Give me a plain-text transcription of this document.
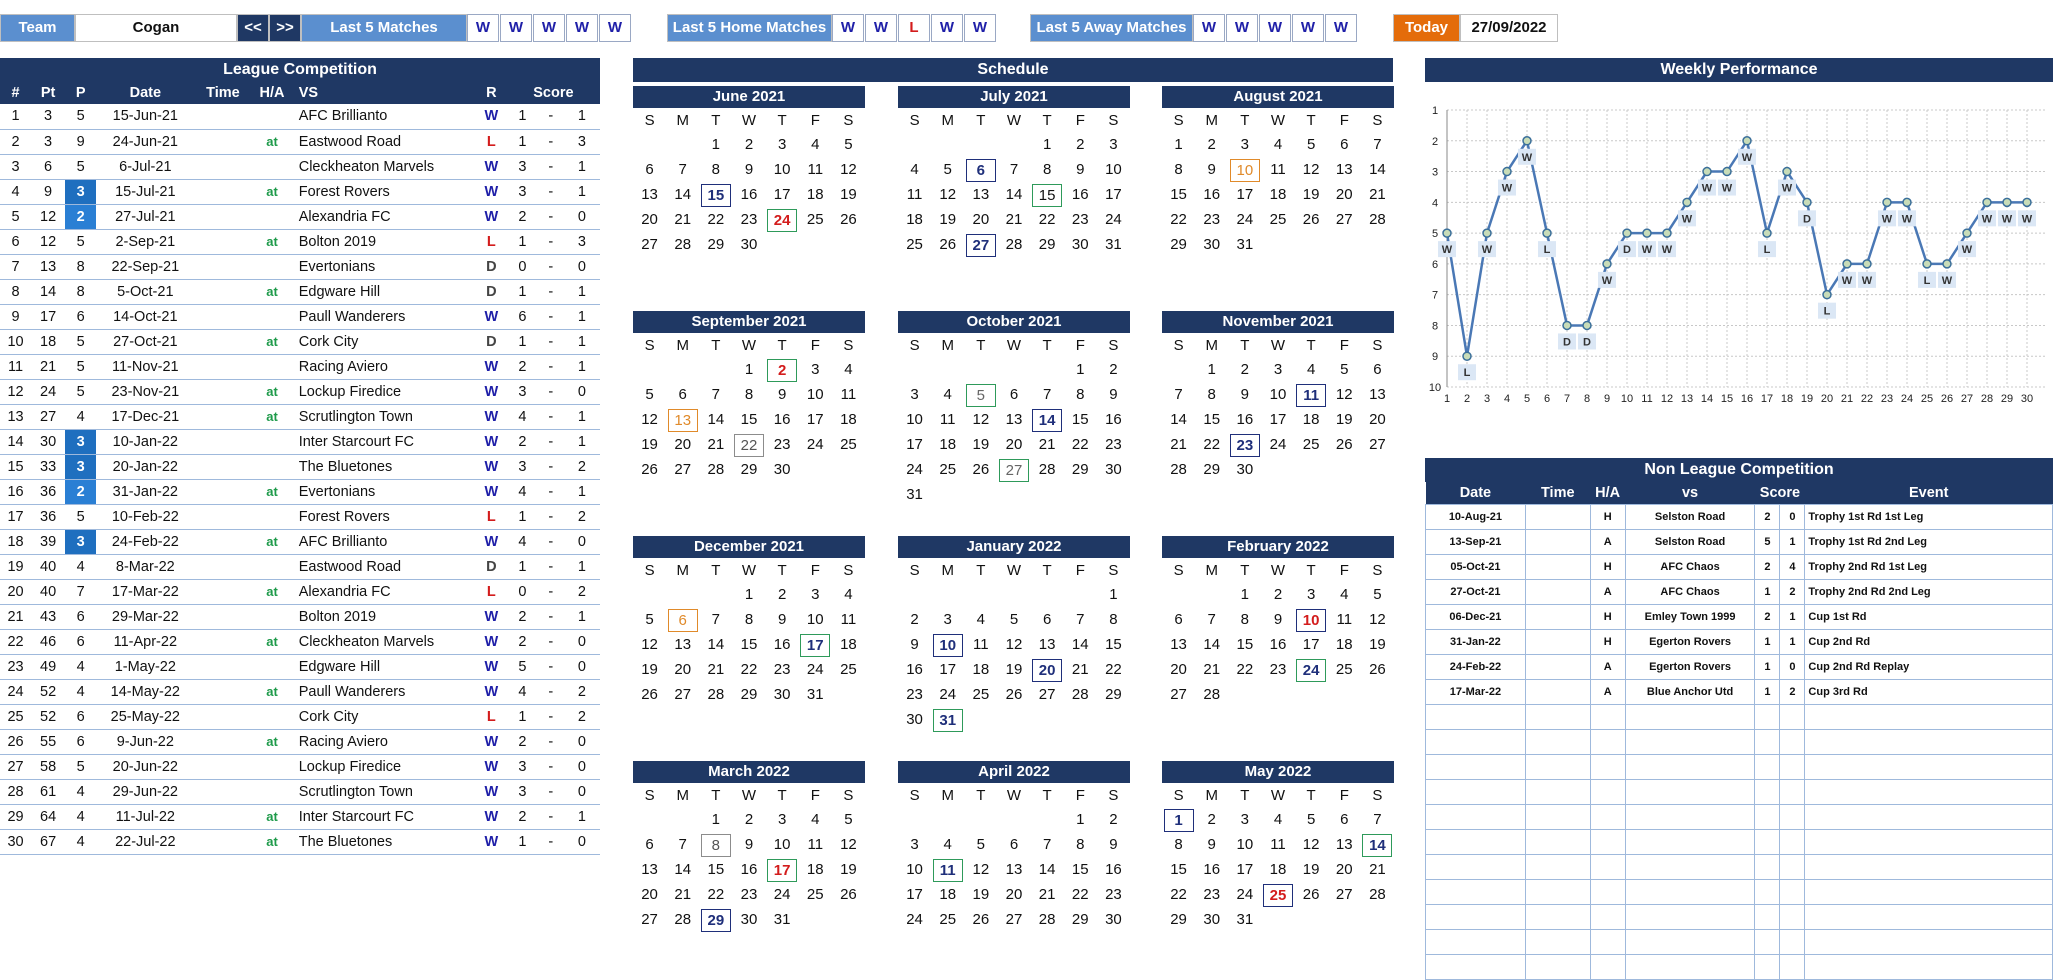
Team	Cogan	<< >>	Last 5 Matches	W	W	W	W	W	Last 5 Home Matches W	W	L	W	W	Last 5 Away Matches	W	W	W	W	W	Today	27/09/2022
League Competition
#	Pt	P	Date	Time	H/A	VS	R	Score		
1	3	5	15-Jun-21			AFC Brilliantо	W	1	-	1
2	3	9	24-Jun-21		at	Eastwood Road	L	1	-	3
3	6	5	6-Jul-21			Cleckheaton Marvels	W	3	-	1
4	9	3	15-Jul-21		at	Forest Rovers	W	3	-	1
5	12	2	27-Jul-21			Alexandria FC	W	2	-	0
6	12	5	2-Sep-21		at	Bolton 2019	L	1	-	3
7	13	8	22-Sep-21			Evertonians	D	0	-	0
8	14	8	5-Oct-21		at	Edgware Hill	D	1	-	1
9	17	6	14-Oct-21			Paull Wanderers	W	6	-	1
10	18	5	27-Oct-21		at	Cork City	D	1	-	1
11	21	5	11-Nov-21			Racing Aviero	W	2	-	1
12	24	5	23-Nov-21		at	Lockup Firedice	W	3	-	0
13	27	4	17-Dec-21		at	Scrutlington Town	W	4	-	1
14	30	3	10-Jan-22			Inter Starcourt FC	W	2	-	1
15	33	3	20-Jan-22			The Bluetones	W	3	-	2
16	36	2	31-Jan-22		at	Evertonians	W	4	-	1
17	36	5	10-Feb-22			Forest Rovers	L	1	-	2
18	39	3	24-Feb-22		at	AFC Brilliantо	W	4	-	0
19	40	4	8-Mar-22			Eastwood Road	D	1	-	1
20	40	7	17-Mar-22		at	Alexandria FC	L	0	-	2
21	43	6	29-Mar-22			Bolton 2019	W	2	-	1
22	46	6	11-Apr-22		at	Cleckheaton Marvels	W	2	-	0
23	49	4	1-May-22			Edgware Hill	W	5	-	0
24	52	4	14-May-22		at	Paull Wanderers	W	4	-	2
25	52	6	25-May-22			Cork City	L	1	-	2
26	55	6	9-Jun-22		at	Racing Aviero	W	2	-	0
27	58	5	20-Jun-22			Lockup Firedice	W	3	-	0
28	61	4	29-Jun-22			Scrutlington Town	W	3	-	0
29	64	4	11-Jul-22		at	Inter Starcourt FC	W	2	-	1
30	67	4	22-Jul-22		at	The Bluetones	W	1	-	0
Schedule
June 2021
S	M	T	W	T	F	S
		1	2	3	4	5
6	7	8	9	10	11	12
13	14	15	16	17	18	19
20	21	22	23	24	25	26
27	28	29	30			
July 2021
S	M	T	W	T	F	S
				1	2	3
4	5	6	7	8	9	10
11	12	13	14	15	16	17
18	19	20	21	22	23	24
25	26	27	28	29	30	31
August 2021
S	M	T	W	T	F	S
1	2	3	4	5	6	7
8	9	10	11	12	13	14
15	16	17	18	19	20	21
22	23	24	25	26	27	28
29	30	31				
September 2021
S	M	T	W	T	F	S
			1	2	3	4
5	6	7	8	9	10	11
12	13	14	15	16	17	18
19	20	21	22	23	24	25
26	27	28	29	30		
October 2021
S	M	T	W	T	F	S
					1	2
3	4	5	6	7	8	9
10	11	12	13	14	15	16
17	18	19	20	21	22	23
24	25	26	27	28	29	30
31						
November 2021
S	M	T	W	T	F	S
	1	2	3	4	5	6
7	8	9	10	11	12	13
14	15	16	17	18	19	20
21	22	23	24	25	26	27
28	29	30				
December 2021
S	M	T	W	T	F	S
			1	2	3	4
5	6	7	8	9	10	11
12	13	14	15	16	17	18
19	20	21	22	23	24	25
26	27	28	29	30	31	
January 2022
S	M	T	W	T	F	S
						1
2	3	4	5	6	7	8
9	10	11	12	13	14	15
16	17	18	19	20	21	22
23	24	25	26	27	28	29
30	31					
February 2022
S	M	T	W	T	F	S
		1	2	3	4	5
6	7	8	9	10	11	12
13	14	15	16	17	18	19
20	21	22	23	24	25	26
27	28					
March 2022
S	M	T	W	T	F	S
		1	2	3	4	5
6	7	8	9	10	11	12
13	14	15	16	17	18	19
20	21	22	23	24	25	26
27	28	29	30	31		
April 2022
S	M	T	W	T	F	S
					1	2
3	4	5	6	7	8	9
10	11	12	13	14	15	16
17	18	19	20	21	22	23
24	25	26	27	28	29	30
May 2022
S	M	T	W	T	F	S
1	2	3	4	5	6	7
8	9	10	11	12	13	14
15	16	17	18	19	20	21
22	23	24	25	26	27	28
29	30	31				
Weekly Performance
1
2
3
4
5
6
7
8
9
10
1 2 3 4 5 6 7 8 9 10 11 12 13 14 15 16 17 18 19 20 21 22 23 24 25 26 27 28 29 30
W
L
W
W
W
L
D D
W
D W W
W
W W
W
L
W
D
L
W W
W W
L W
W
W W W
Non League Competition
Date	Time	H/A	vs	Score		Event
10-Aug-21		H	Selston Road	2	0	Trophy 1st Rd 1st Leg
13-Sep-21		A	Selston Road	5	1	Trophy 1st Rd 2nd Leg
05-Oct-21		H	AFC Chaos	2	4	Trophy 2nd Rd 1st Leg
27-Oct-21		A	AFC Chaos	1	2	Trophy 2nd Rd 2nd Leg
06-Dec-21		H	Emley Town 1999	2	1	Cup 1st Rd
31-Jan-22		H	Egerton Rovers	1	1	Cup 2nd Rd
24-Feb-22		A	Egerton Rovers	1	0	Cup 2nd Rd Replay
17-Mar-22		A	Blue Anchor Utd	1	2	Cup 3rd Rd
